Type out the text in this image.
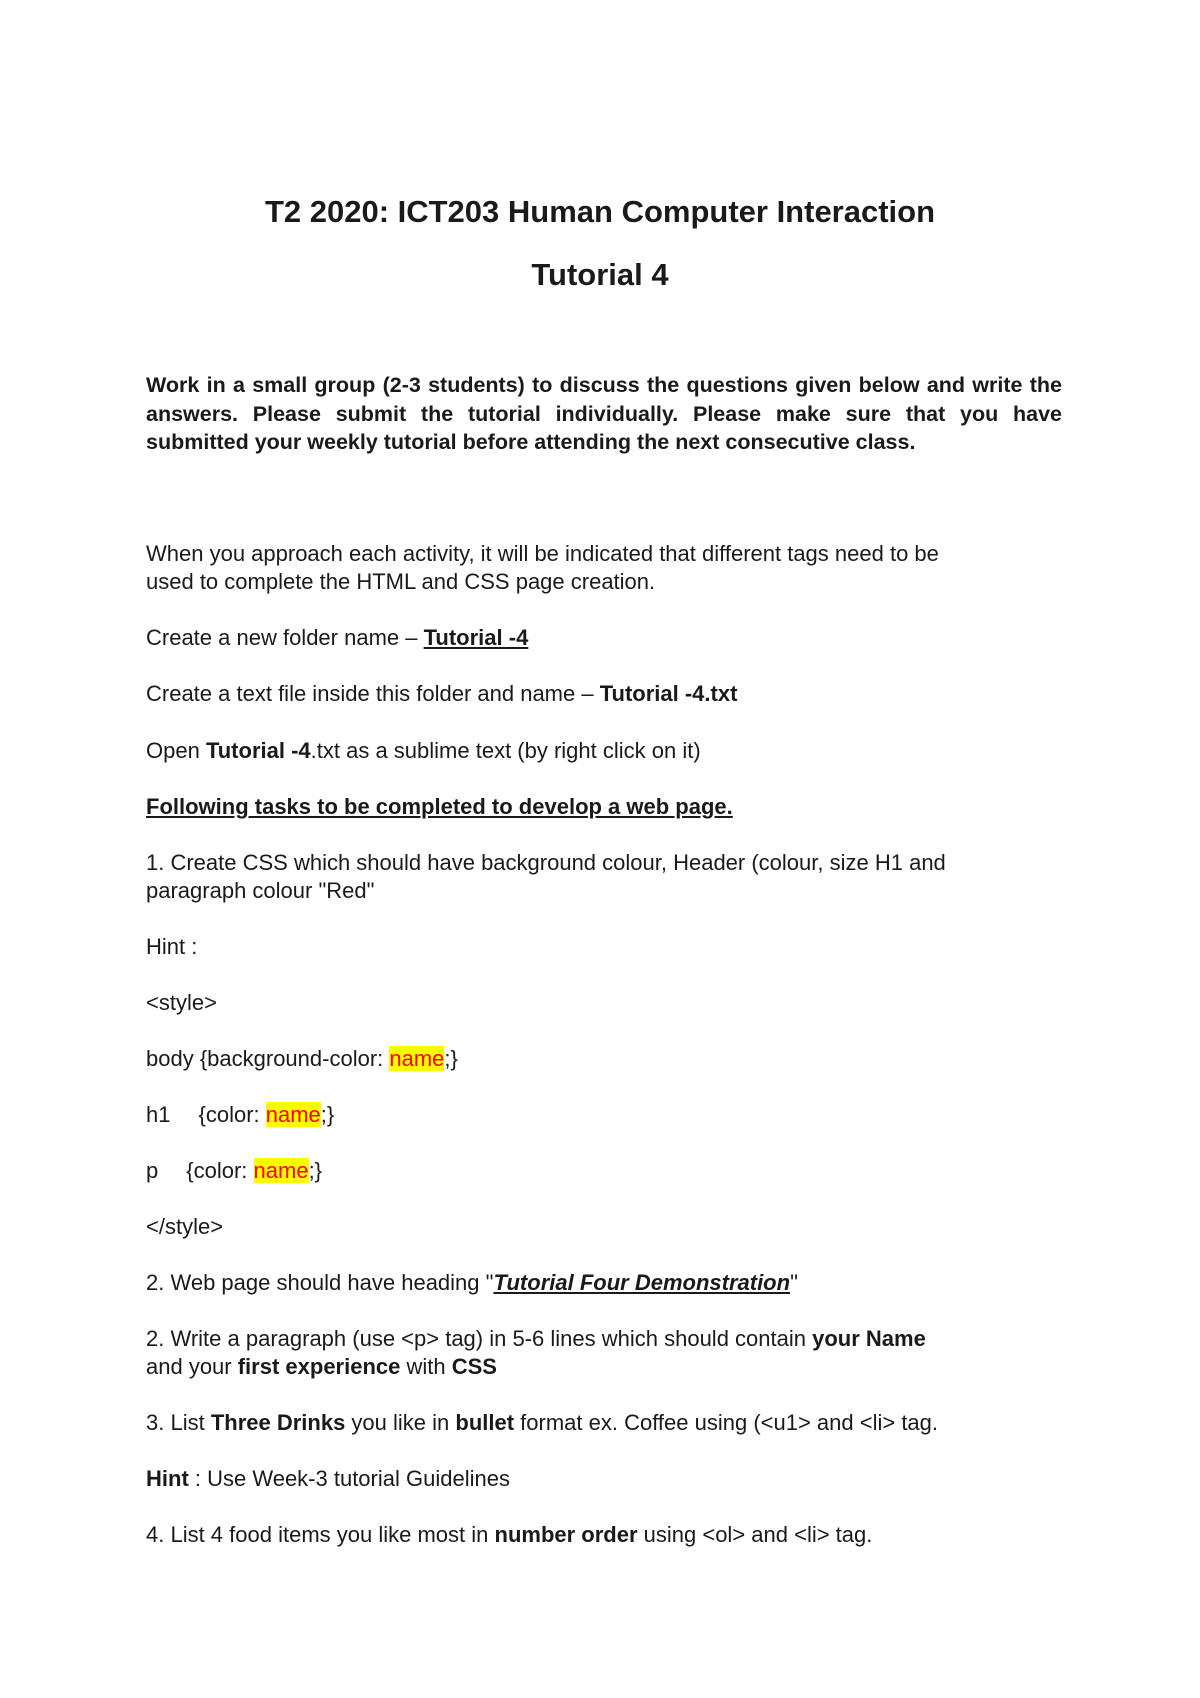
T2 2020: ICT203 Human Computer Interaction
Tutorial 4
Work in a small group (2-3 students) to discuss the questions given below and write the answers. Please submit the tutorial individually. Please make sure that you have submitted your weekly tutorial before attending the next consecutive class.
When you approach each activity, it will be indicated that different tags need to be
used to complete the HTML and CSS page creation.
Create a new folder name – Tutorial -4
Create a text file inside this folder and name – Tutorial -4.txt
Open Tutorial -4.txt as a sublime text (by right click on it)
Following tasks to be completed to develop a web page.
1. Create CSS which should have background colour, Header (colour, size H1 and
paragraph colour "Red"
Hint :
<style>
body {background-color: name;}
h1 {color: name;}
p {color: name;}
</style>
2. Web page should have heading "Tutorial Four Demonstration"
2. Write a paragraph (use <p> tag) in 5-6 lines which should contain your Name
and your first experience with CSS
3. List Three Drinks you like in bullet format ex. Coffee using (<u1> and <li> tag.
Hint : Use Week-3 tutorial Guidelines
4. List 4 food items you like most in number order using <ol> and <li> tag.
